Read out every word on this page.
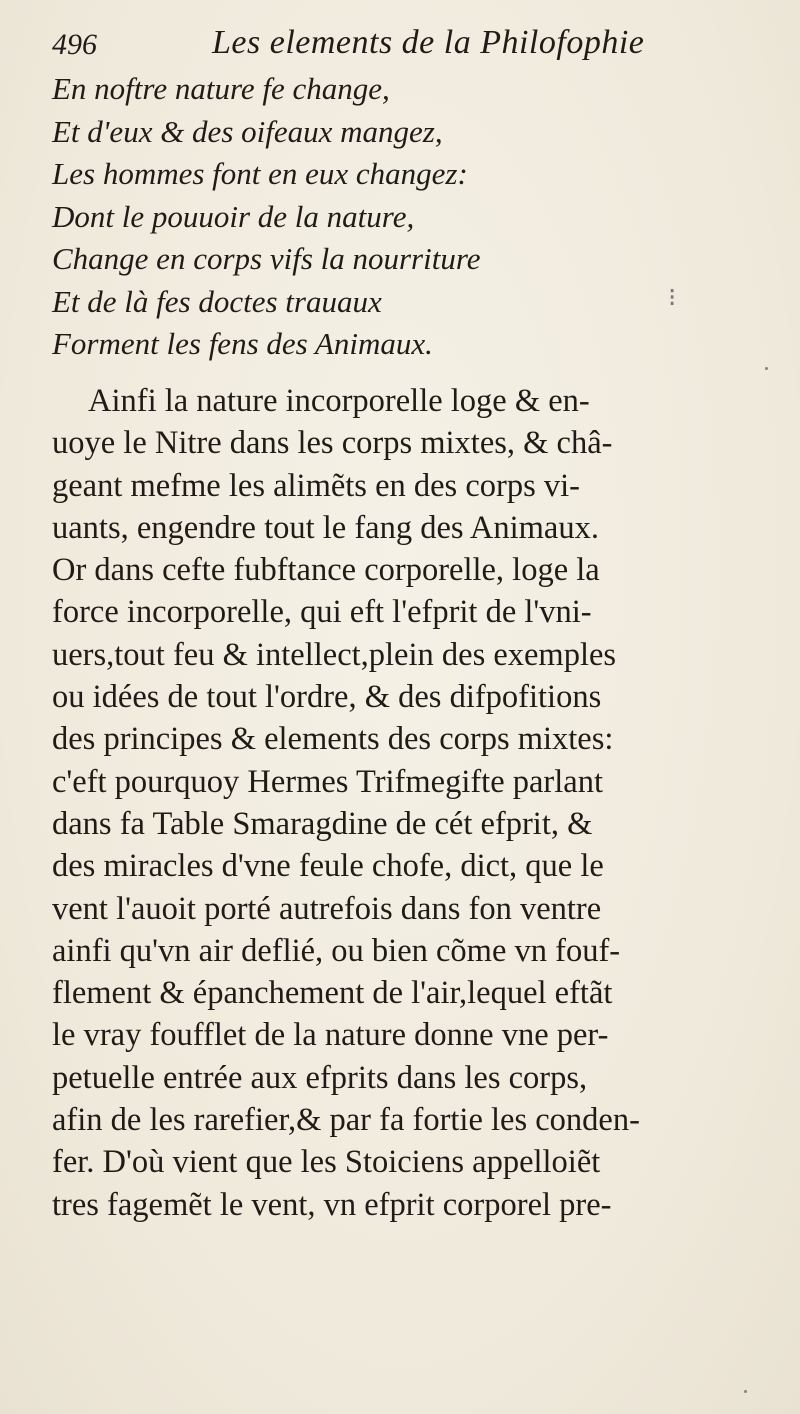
496	Les elements de la Philofophie
En noftre nature fe change,
Et d'eux & des oifeaux mangez,
Les hommes font en eux changez:
Dont le pouuoir de la nature,
Change en corps vifs la nourriture
Et de là fes doctes trauaux
Forment les fens des Animaux.
⁝
Ainfi la nature incorporelle loge & en-
uoye le Nitre dans les corps mixtes, & châ-
geant mefme les alimẽts en des corps vi-
uants, engendre tout le fang des Animaux.
Or dans cefte fubftance corporelle, loge la
force incorporelle, qui eft l'efprit de l'vni-
uers,tout feu & intellect,plein des exemples
ou idées de tout l'ordre, & des difpofitions
des principes & elements des corps mixtes:
c'eft pourquoy Hermes Trifmegifte parlant
dans fa Table Smaragdine de cét efprit, &
des miracles d'vne feule chofe, dict, que le
vent l'auoit porté autrefois dans fon ventre
ainfi qu'vn air deflié, ou bien cõme vn fouf-
flement & épanchement de l'air,lequel eftãt
le vray foufflet de la nature donne vne per-
petuelle entrée aux efprits dans les corps,
afin de les rarefier,& par fa fortie les conden-
fer. D'où vient que les Stoiciens appelloiẽt
tres fagemẽt le vent, vn efprit corporel pre-
